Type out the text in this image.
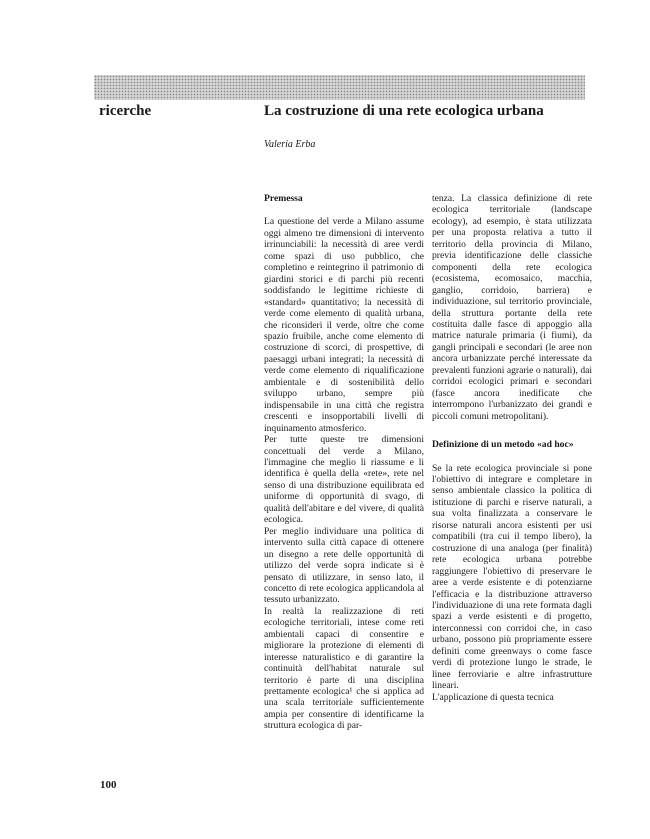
ricerche	La costruzione di una rete ecologica urbana

Valeria Erba

Premessa

La questione del verde a Milano assume oggi almeno tre dimensioni di intervento irrinunciabili: la necessità di aree verdi come spazi di uso pubblico, che completino e reintegrino il patrimonio di giardini storici e di parchi più recenti soddisfando le legittime richieste di «standard» quantitativo; la necessità di verde come elemento di qualità urbana, che riconsideri il verde, oltre che come spazio fruibile, anche come elemento di costruzione di scorci, di prospettive, di paesaggi urbani integrati; la necessità di verde come elemento di riqualificazione ambientale e di sostenibilità dello sviluppo urbano, sempre più indispensabile in una città che registra crescenti e insopportabili livelli di inquinamento atmosferico.

Per tutte queste tre dimensioni concettuali del verde a Milano, l'immagine che meglio li riassume e li identifica è quella della «rete», rete nel senso di una distribuzione equilibrata ed uniforme di opportunità di svago, di qualità dell'abitare e del vivere, di qualità ecologica.

Per meglio individuare una politica di intervento sulla città capace di ottenere un disegno a rete delle opportunità di utilizzo del verde sopra indicate si è pensato di utilizzare, in senso lato, il concetto di rete ecologica applicandola al tessuto urbanizzato.

In realtà la realizzazione di reti ecologiche territoriali, intese come reti ambientali capaci di consentire e migliorare la protezione di elementi di interesse naturalistico e di garantire la continuità dell'habitat naturale sul territorio è parte di una disciplina prettamente ecologica¹ che si applica ad una scala territoriale sufficientemente ampia per consentire di identificarne la struttura ecologica di par-

tenza. La classica definizione di rete ecologica territoriale (landscape ecology), ad esempio, è stata utilizzata per una proposta relativa a tutto il territorio della provincia di Milano, previa identificazione delle classiche componenti della rete ecologica (ecosistema, ecomosaico, macchia, ganglio, corridoio, barriera) e individuazione, sul territorio provinciale, della struttura portante della rete costituita dalle fasce di appoggio alla matrice naturale primaria (i fiumi), da gangli principali e secondari (le aree non ancora urbanizzate perché interessate da prevalenti funzioni agrarie o naturali), dai corridoi ecologici primari e secondari (fasce ancora inedificate che interrompono l'urbanizzato dei grandi e piccoli comuni metropolitani).

Definizione di un metodo «ad hoc»

Se la rete ecologica provinciale si pone l'obiettivo di integrare e completare in senso ambientale classico la politica di istituzione di parchi e riserve naturali, a sua volta finalizzata a conservare le risorse naturali ancora esistenti per usi compatibili (tra cui il tempo libero), la costruzione di una analoga (per finalità) rete ecologica urbana potrebbe raggiungere l'obiettivo di preservare le aree a verde esistente e di potenziarne l'efficacia e la distribuzione attraverso l'individuazione di una rete formata dagli spazi a verde esistenti e di progetto, interconnessi con corridoi che, in caso urbano, possono più propriamente essere definiti come greenways o come fasce verdi di protezione lungo le strade, le linee ferroviarie e altre infrastrutture lineari.

L'applicazione di questa tecnica

100
